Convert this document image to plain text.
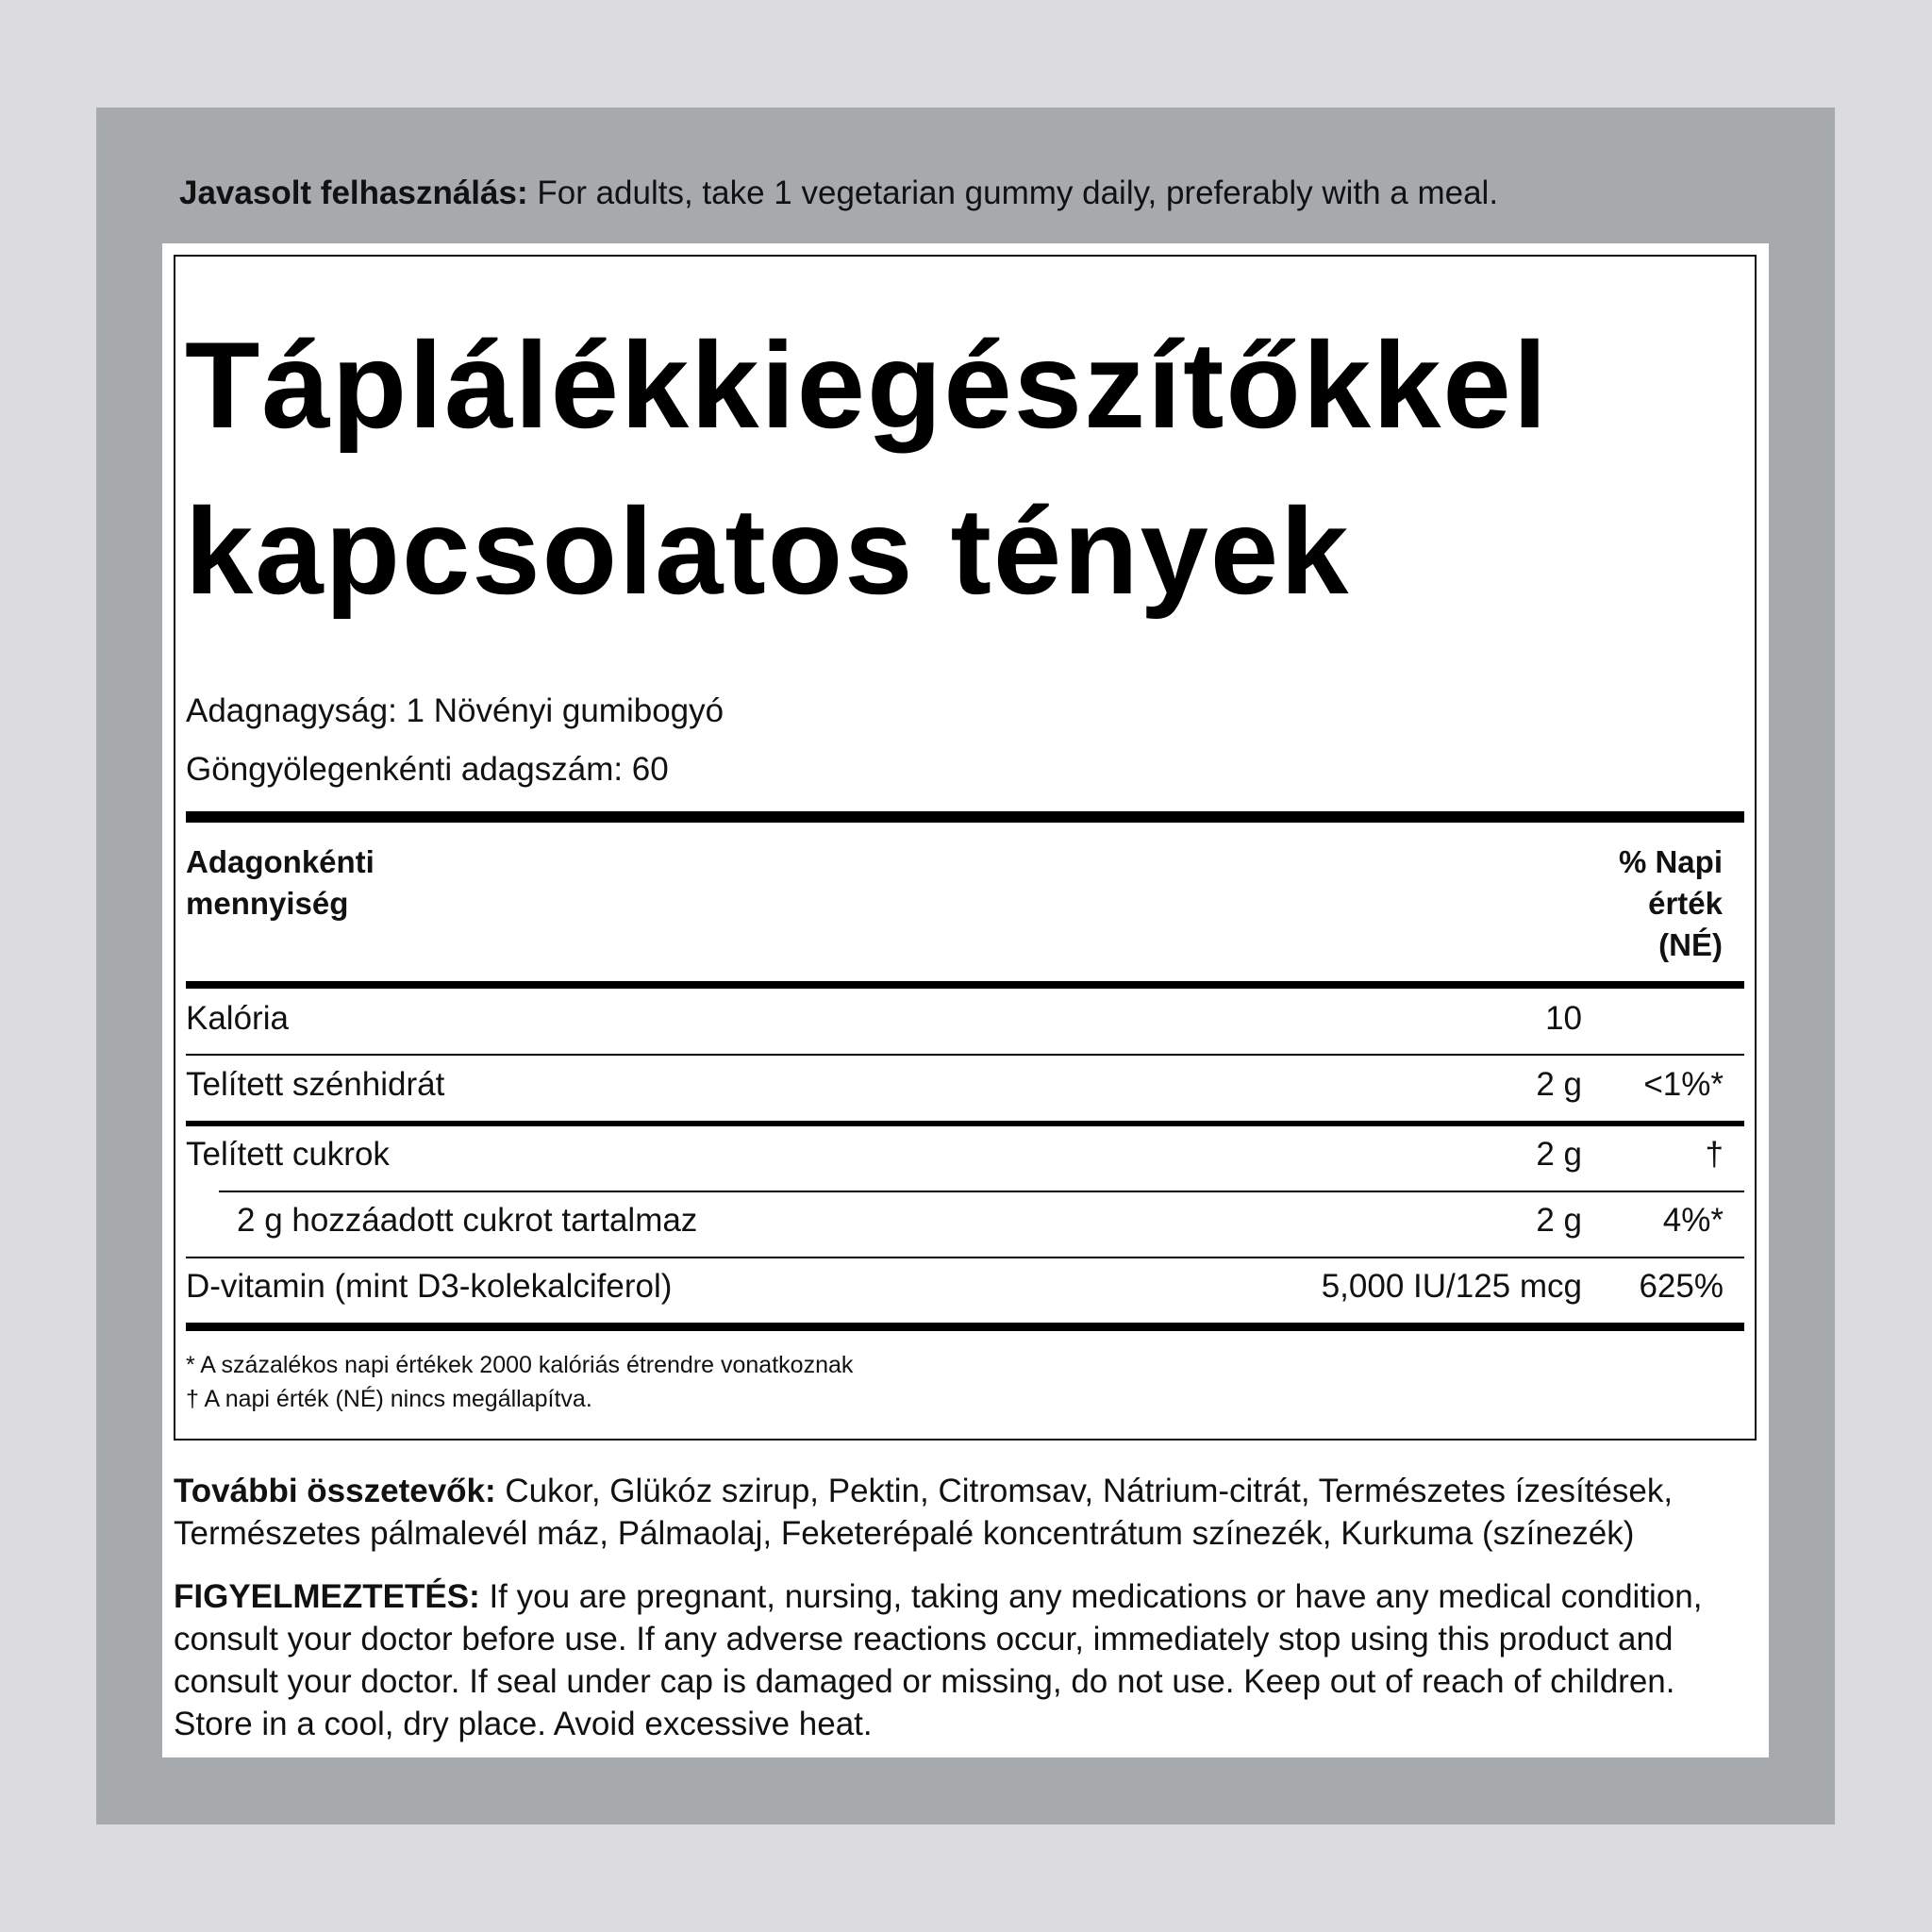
Javasolt felhasználás: For adults, take 1 vegetarian gummy daily, preferably with a meal.
Táplálékkiegészítőkkel
kapcsolatos tények
Adagnagyság: 1 Növényi gumibogyó
Göngyölegenkénti adagszám: 60
Adagonkénti
mennyiség
% Napi
érték
(NÉ)
Kalória	10
Telített szénhidrát	2 g <1%*
Telített cukrok	2 g	†
2 g hozzáadott cukrot tartalmaz	2 g 4%*
D-vitamin (mint D3-kolekalciferol)	5,000 IU/125 mcg 625%
* A százalékos napi értékek 2000 kalóriás étrendre vonatkoznak
† A napi érték (NÉ) nincs megállapítva.
További összetevők: Cukor, Glükóz szirup, Pektin, Citromsav, Nátrium-citrát, Természetes ízesítések, Természetes pálmalevél máz, Pálmaolaj, Feketerépalé koncentrátum színezék, Kurkuma (színezék)
FIGYELMEZTETÉS: If you are pregnant, nursing, taking any medications or have any medical condition, consult your doctor before use. If any adverse reactions occur, immediately stop using this product and consult your doctor. If seal under cap is damaged or missing, do not use. Keep out of reach of children. Store in a cool, dry place. Avoid excessive heat.
